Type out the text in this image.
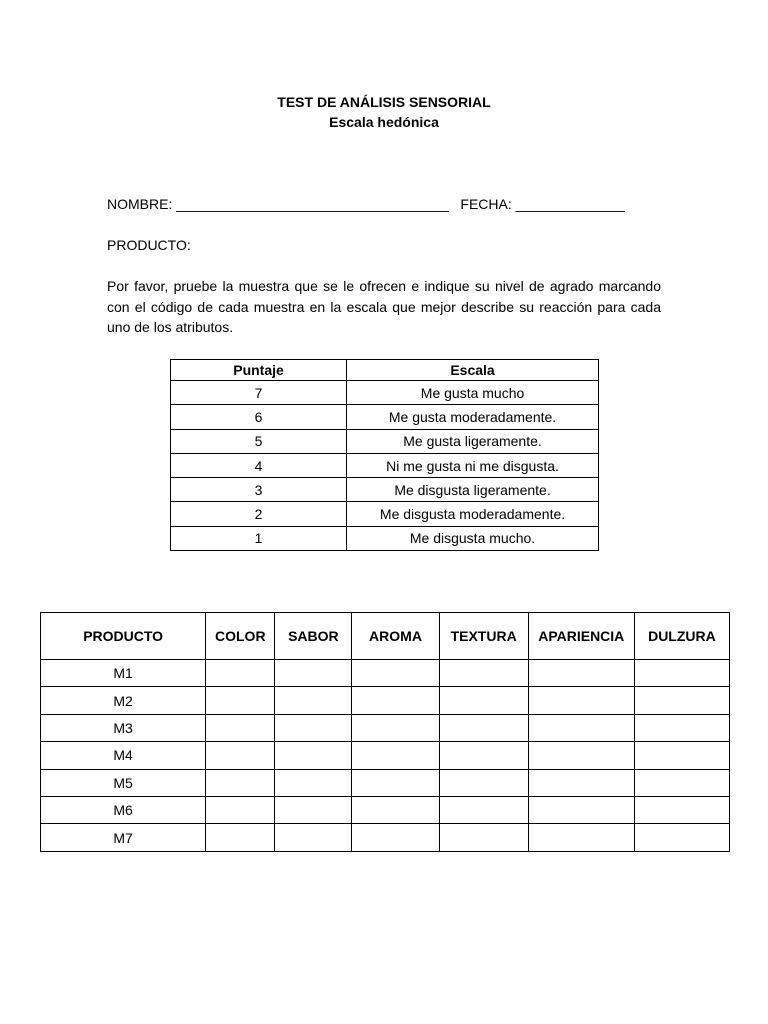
TEST DE ANÁLISIS SENSORIAL
Escala hedónica
NOMBRE: ___________________________________ FECHA: ______________
PRODUCTO:
Por favor, pruebe la muestra que se le ofrecen e indique su nivel de agrado marcando con el código de cada muestra en la escala que mejor describe su reacción para cada uno de los atributos.
Puntaje	Escala
7	Me gusta mucho
6	Me gusta moderadamente.
5	Me gusta ligeramente.
4	Ni me gusta ni me disgusta.
3	Me disgusta ligeramente.
2	Me disgusta moderadamente.
1	Me disgusta mucho.
PRODUCTO	COLOR	SABOR	AROMA	TEXTURA	APARIENCIA	DULZURA
M1						
M2						
M3						
M4						
M5						
M6						
M7						
